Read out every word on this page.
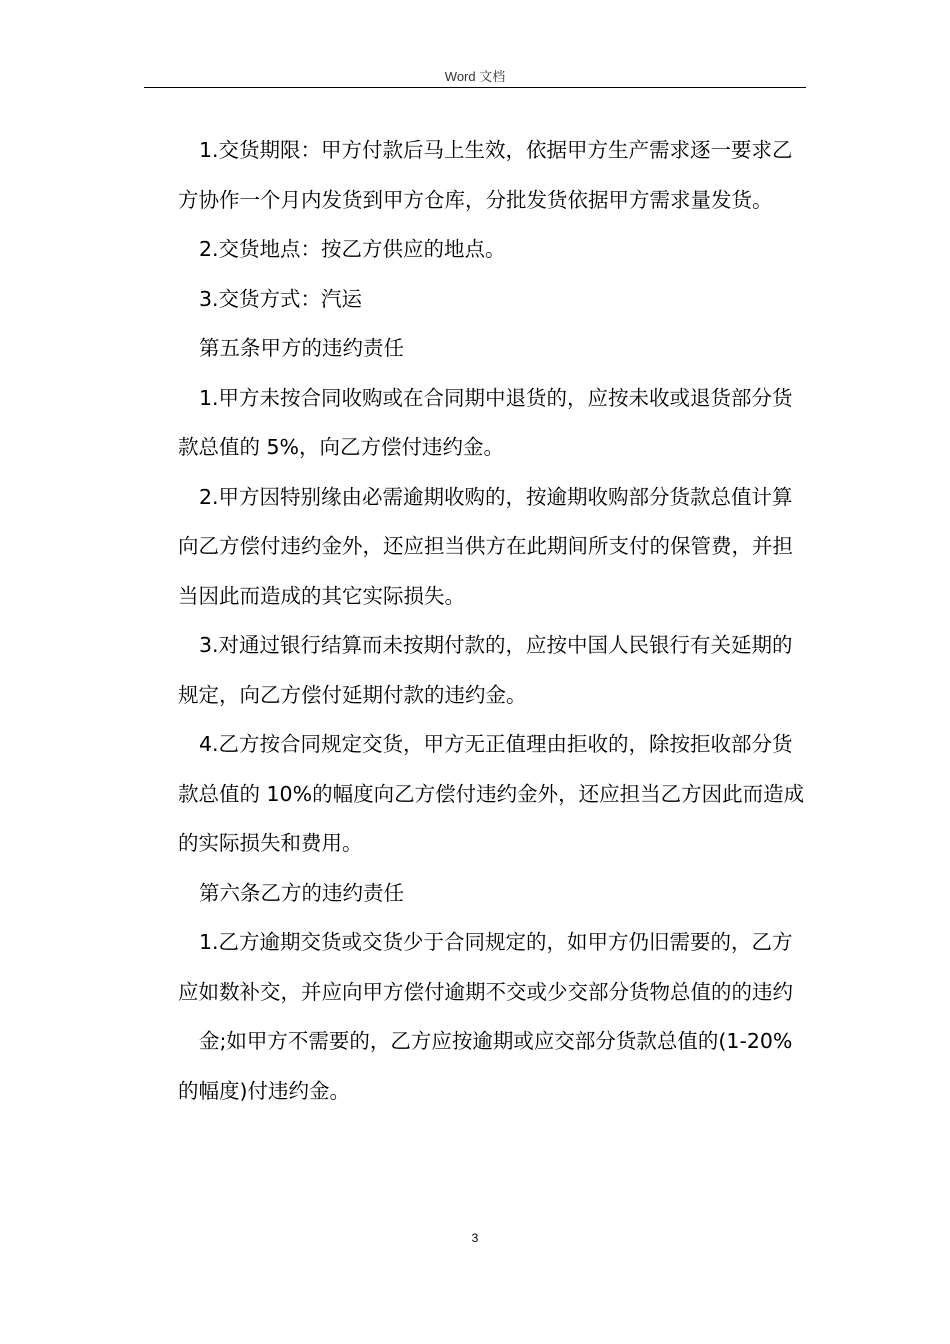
Word 文档

1.交货期限：甲方付款后马上生效，依据甲方生产需求逐一要求乙方协作一个月内发货到甲方仓库，分批发货依据甲方需求量发货。

2.交货地点：按乙方供应的地点。

3.交货方式：汽运

第五条甲方的违约责任

1.甲方未按合同收购或在合同期中退货的，应按未收或退货部分货款总值的 5%，向乙方偿付违约金。

2.甲方因特别缘由必需逾期收购的，按逾期收购部分货款总值计算向乙方偿付违约金外，还应担当供方在此期间所支付的保管费，并担当因此而造成的其它实际损失。

3.对通过银行结算而未按期付款的，应按中国人民银行有关延期的规定，向乙方偿付延期付款的违约金。

4.乙方按合同规定交货，甲方无正值理由拒收的，除按拒收部分货款总值的 10%的幅度向乙方偿付违约金外，还应担当乙方因此而造成的实际损失和费用。

第六条乙方的违约责任

1.乙方逾期交货或交货少于合同规定的，如甲方仍旧需要的，乙方应如数补交，并应向甲方偿付逾期不交或少交部分货物总值的的违约

金;如甲方不需要的，乙方应按逾期或应交部分货款总值的(1-20%的幅度)付违约金。

3
